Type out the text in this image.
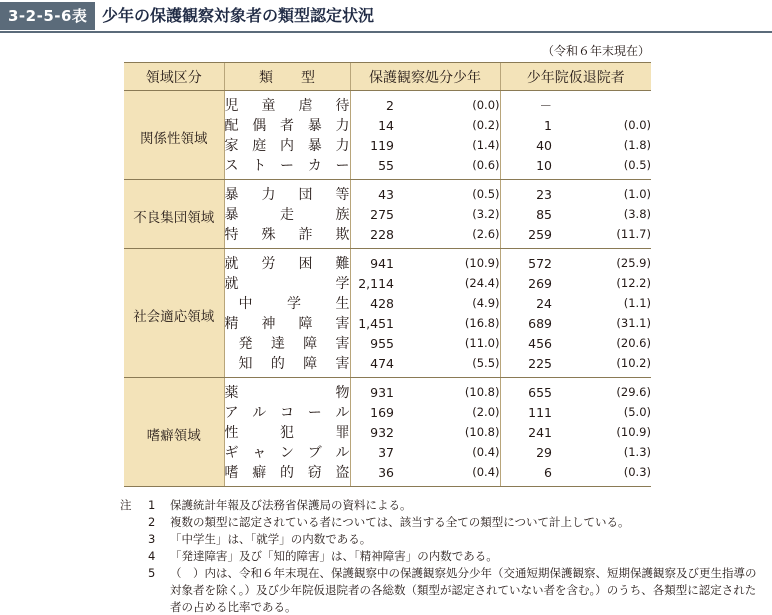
3-2-5-6表 少年の保護観察対象者の類型認定状況
（令和６年末現在）
領域区分	類　　型	保護観察処分少年		少年院仮退院者	
関係性領域	児 童 虐 待	2	(0.0)	－	

	配 偶 者 暴 力	14	(0.2)	1	(0.0)

	家 庭 内 暴 力	119	(1.4)	40	(1.8)

	ス ト ー カ ー	55	(0.6)	10	(0.5)
不良集団領域	暴 力 団 等	43	(0.5)	23	(1.0)

	暴 走 族	275	(3.2)	85	(3.8)

	特 殊 詐 欺	228	(2.6)	259	(11.7)
社会適応領域	就 労 困 難	941	(10.9)	572	(25.9)

	就 学	2,114	(24.4)	269	(12.2)

	中 学 生	428	(4.9)	24	(1.1)

	精 神 障 害	1,451	(16.8)	689	(31.1)

	発 達 障 害	955	(11.0)	456	(20.6)

	知 的 障 害	474	(5.5)	225	(10.2)
嗜癖領域	薬 物	931	(10.8)	655	(29.6)

	ア ル コ ー ル	169	(2.0)	111	(5.0)

	性 犯 罪	932	(10.8)	241	(10.9)

	ギ ャ ン ブ ル	37	(0.4)	29	(1.3)

	嗜 癖 的 窃 盗	36	(0.4)	6	(0.3)
注	1	保護統計年報及び法務省保護局の資料による。
2	複数の類型に認定されている者については、該当する全ての類型について計上している。
3	「中学生」は、「就学」の内数である。
4	「発達障害」及び「知的障害」は、「精神障害」の内数である。
5	（　）内は、令和６年末現在、保護観察中の保護観察処分少年（交通短期保護観察、短期保護観察及び更生指導の対象者を除く。）及び少年院仮退院者の各総数（類型が認定されていない者を含む。）のうち、各類型に認定された者の占める比率である。
